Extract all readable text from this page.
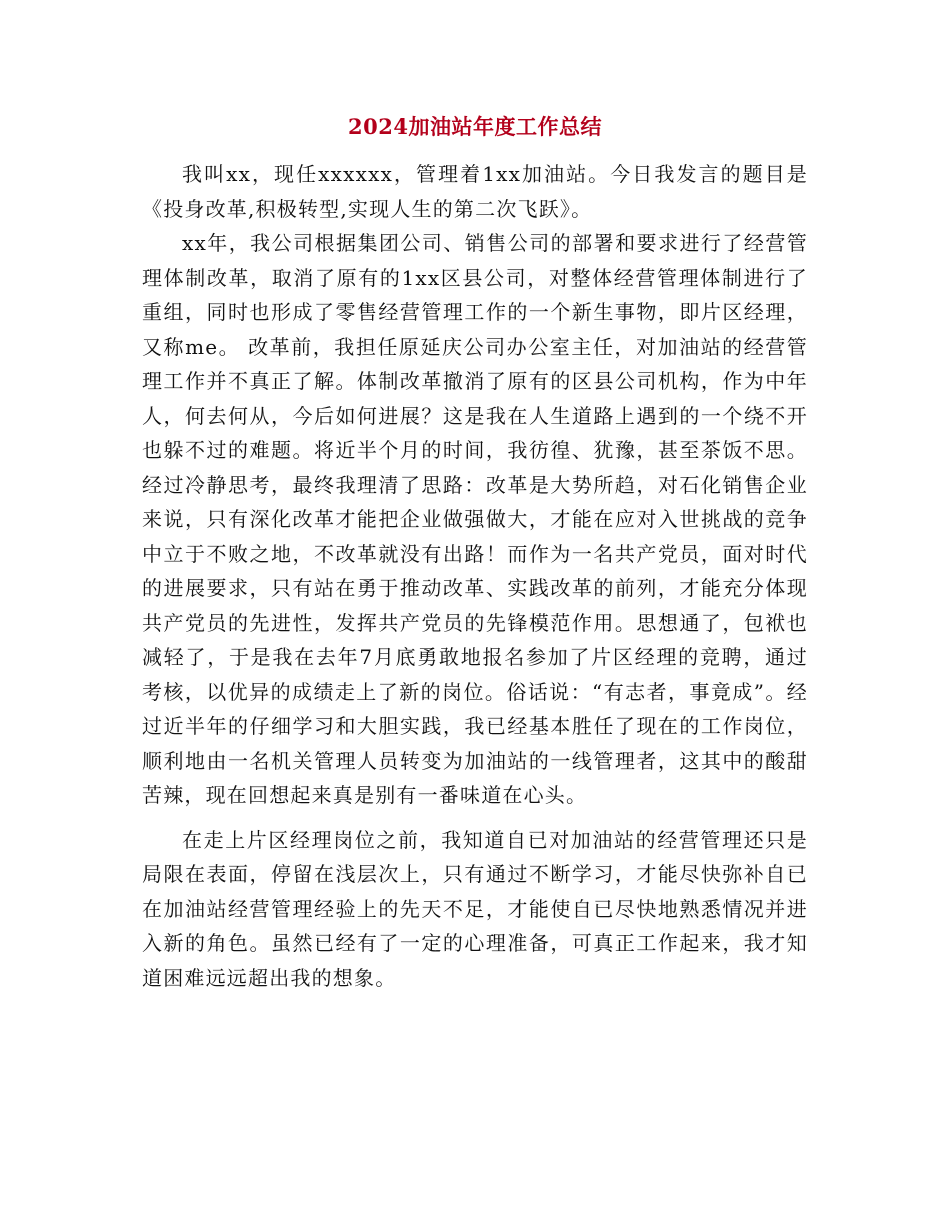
2024加油站年度工作总结

我叫xx，现任xxxxxx，管理着1xx加油站。今日我发言的题目是《投身改革,积极转型,实现人生的第二次飞跃》。

xx年，我公司根据集团公司、销售公司的部署和要求进行了经营管理体制改革，取消了原有的1xx区县公司，对整体经营管理体制进行了重组，同时也形成了零售经营管理工作的一个新生事物，即片区经理，又称me。 改革前，我担任原延庆公司办公室主任，对加油站的经营管理工作并不真正了解。体制改革撤消了原有的区县公司机构，作为中年人，何去何从，今后如何进展？这是我在人生道路上遇到的一个绕不开也躲不过的难题。将近半个月的时间，我彷徨、犹豫，甚至茶饭不思。经过冷静思考，最终我理清了思路：改革是大势所趋，对石化销售企业来说，只有深化改革才能把企业做强做大，才能在应对入世挑战的竞争中立于不败之地，不改革就没有出路！而作为一名共产党员，面对时代的进展要求，只有站在勇于推动改革、实践改革的前列，才能充分体现共产党员的先进性，发挥共产党员的先锋模范作用。思想通了，包袱也减轻了，于是我在去年7月底勇敢地报名参加了片区经理的竞聘，通过考核，以优异的成绩走上了新的岗位。俗话说：“有志者，事竟成”。经过近半年的仔细学习和大胆实践，我已经基本胜任了现在的工作岗位，顺利地由一名机关管理人员转变为加油站的一线管理者，这其中的酸甜苦辣，现在回想起来真是别有一番味道在心头。

在走上片区经理岗位之前，我知道自已对加油站的经营管理还只是局限在表面，停留在浅层次上，只有通过不断学习，才能尽快弥补自已在加油站经营管理经验上的先天不足，才能使自已尽快地熟悉情况并进入新的角色。虽然已经有了一定的心理准备，可真正工作起来，我才知道困难远远超出我的想象。
